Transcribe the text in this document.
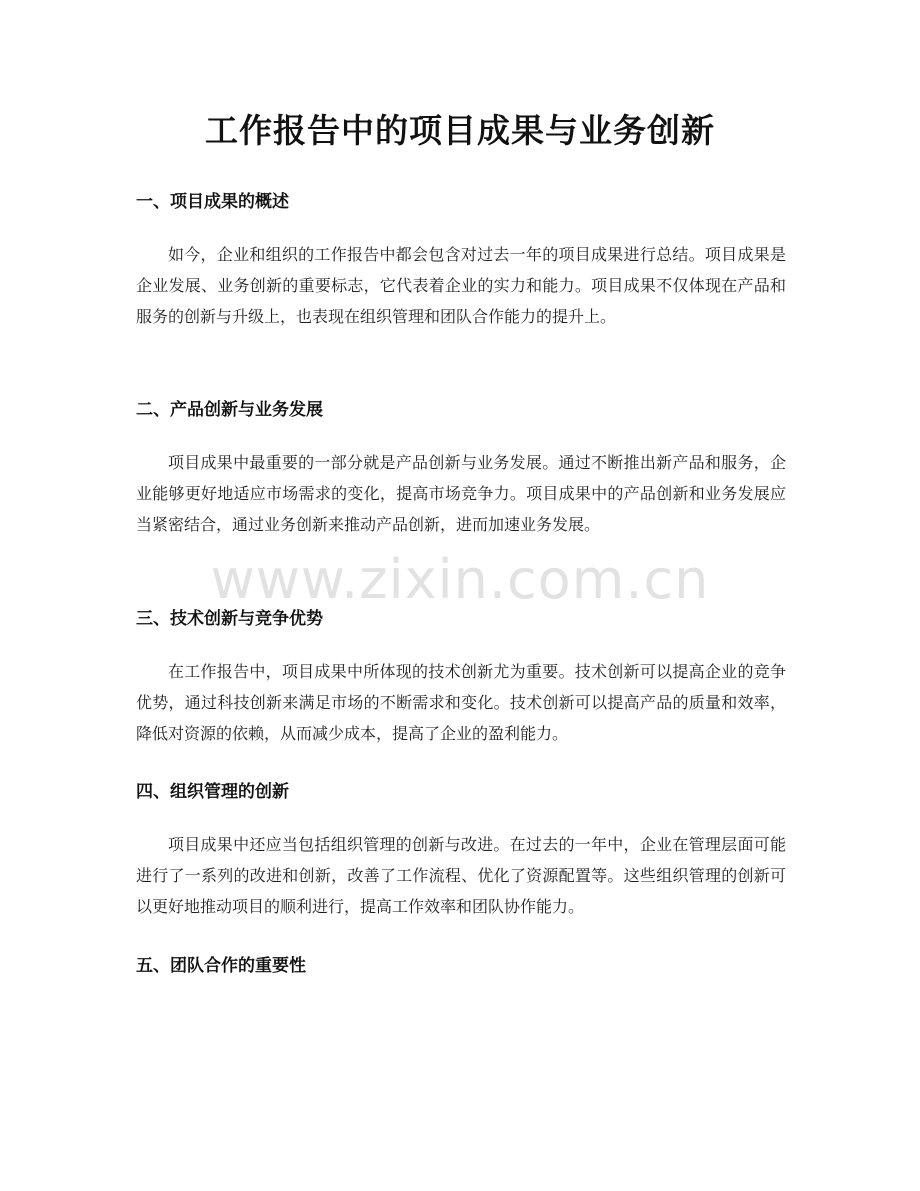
工作报告中的项目成果与业务创新
一、项目成果的概述

如今，企业和组织的工作报告中都会包含对过去一年的项目成果进行总结。项目成果是企业发展、业务创新的重要标志，它代表着企业的实力和能力。项目成果不仅体现在产品和服务的创新与升级上，也表现在组织管理和团队合作能力的提升上。

二、产品创新与业务发展

项目成果中最重要的一部分就是产品创新与业务发展。通过不断推出新产品和服务，企业能够更好地适应市场需求的变化，提高市场竞争力。项目成果中的产品创新和业务发展应当紧密结合，通过业务创新来推动产品创新，进而加速业务发展。

三、技术创新与竞争优势

在工作报告中，项目成果中所体现的技术创新尤为重要。技术创新可以提高企业的竞争优势，通过科技创新来满足市场的不断需求和变化。技术创新可以提高产品的质量和效率，降低对资源的依赖，从而减少成本，提高了企业的盈利能力。

四、组织管理的创新

项目成果中还应当包括组织管理的创新与改进。在过去的一年中，企业在管理层面可能进行了一系列的改进和创新，改善了工作流程、优化了资源配置等。这些组织管理的创新可以更好地推动项目的顺利进行，提高工作效率和团队协作能力。

五、团队合作的重要性
www.zixin.com.cn
